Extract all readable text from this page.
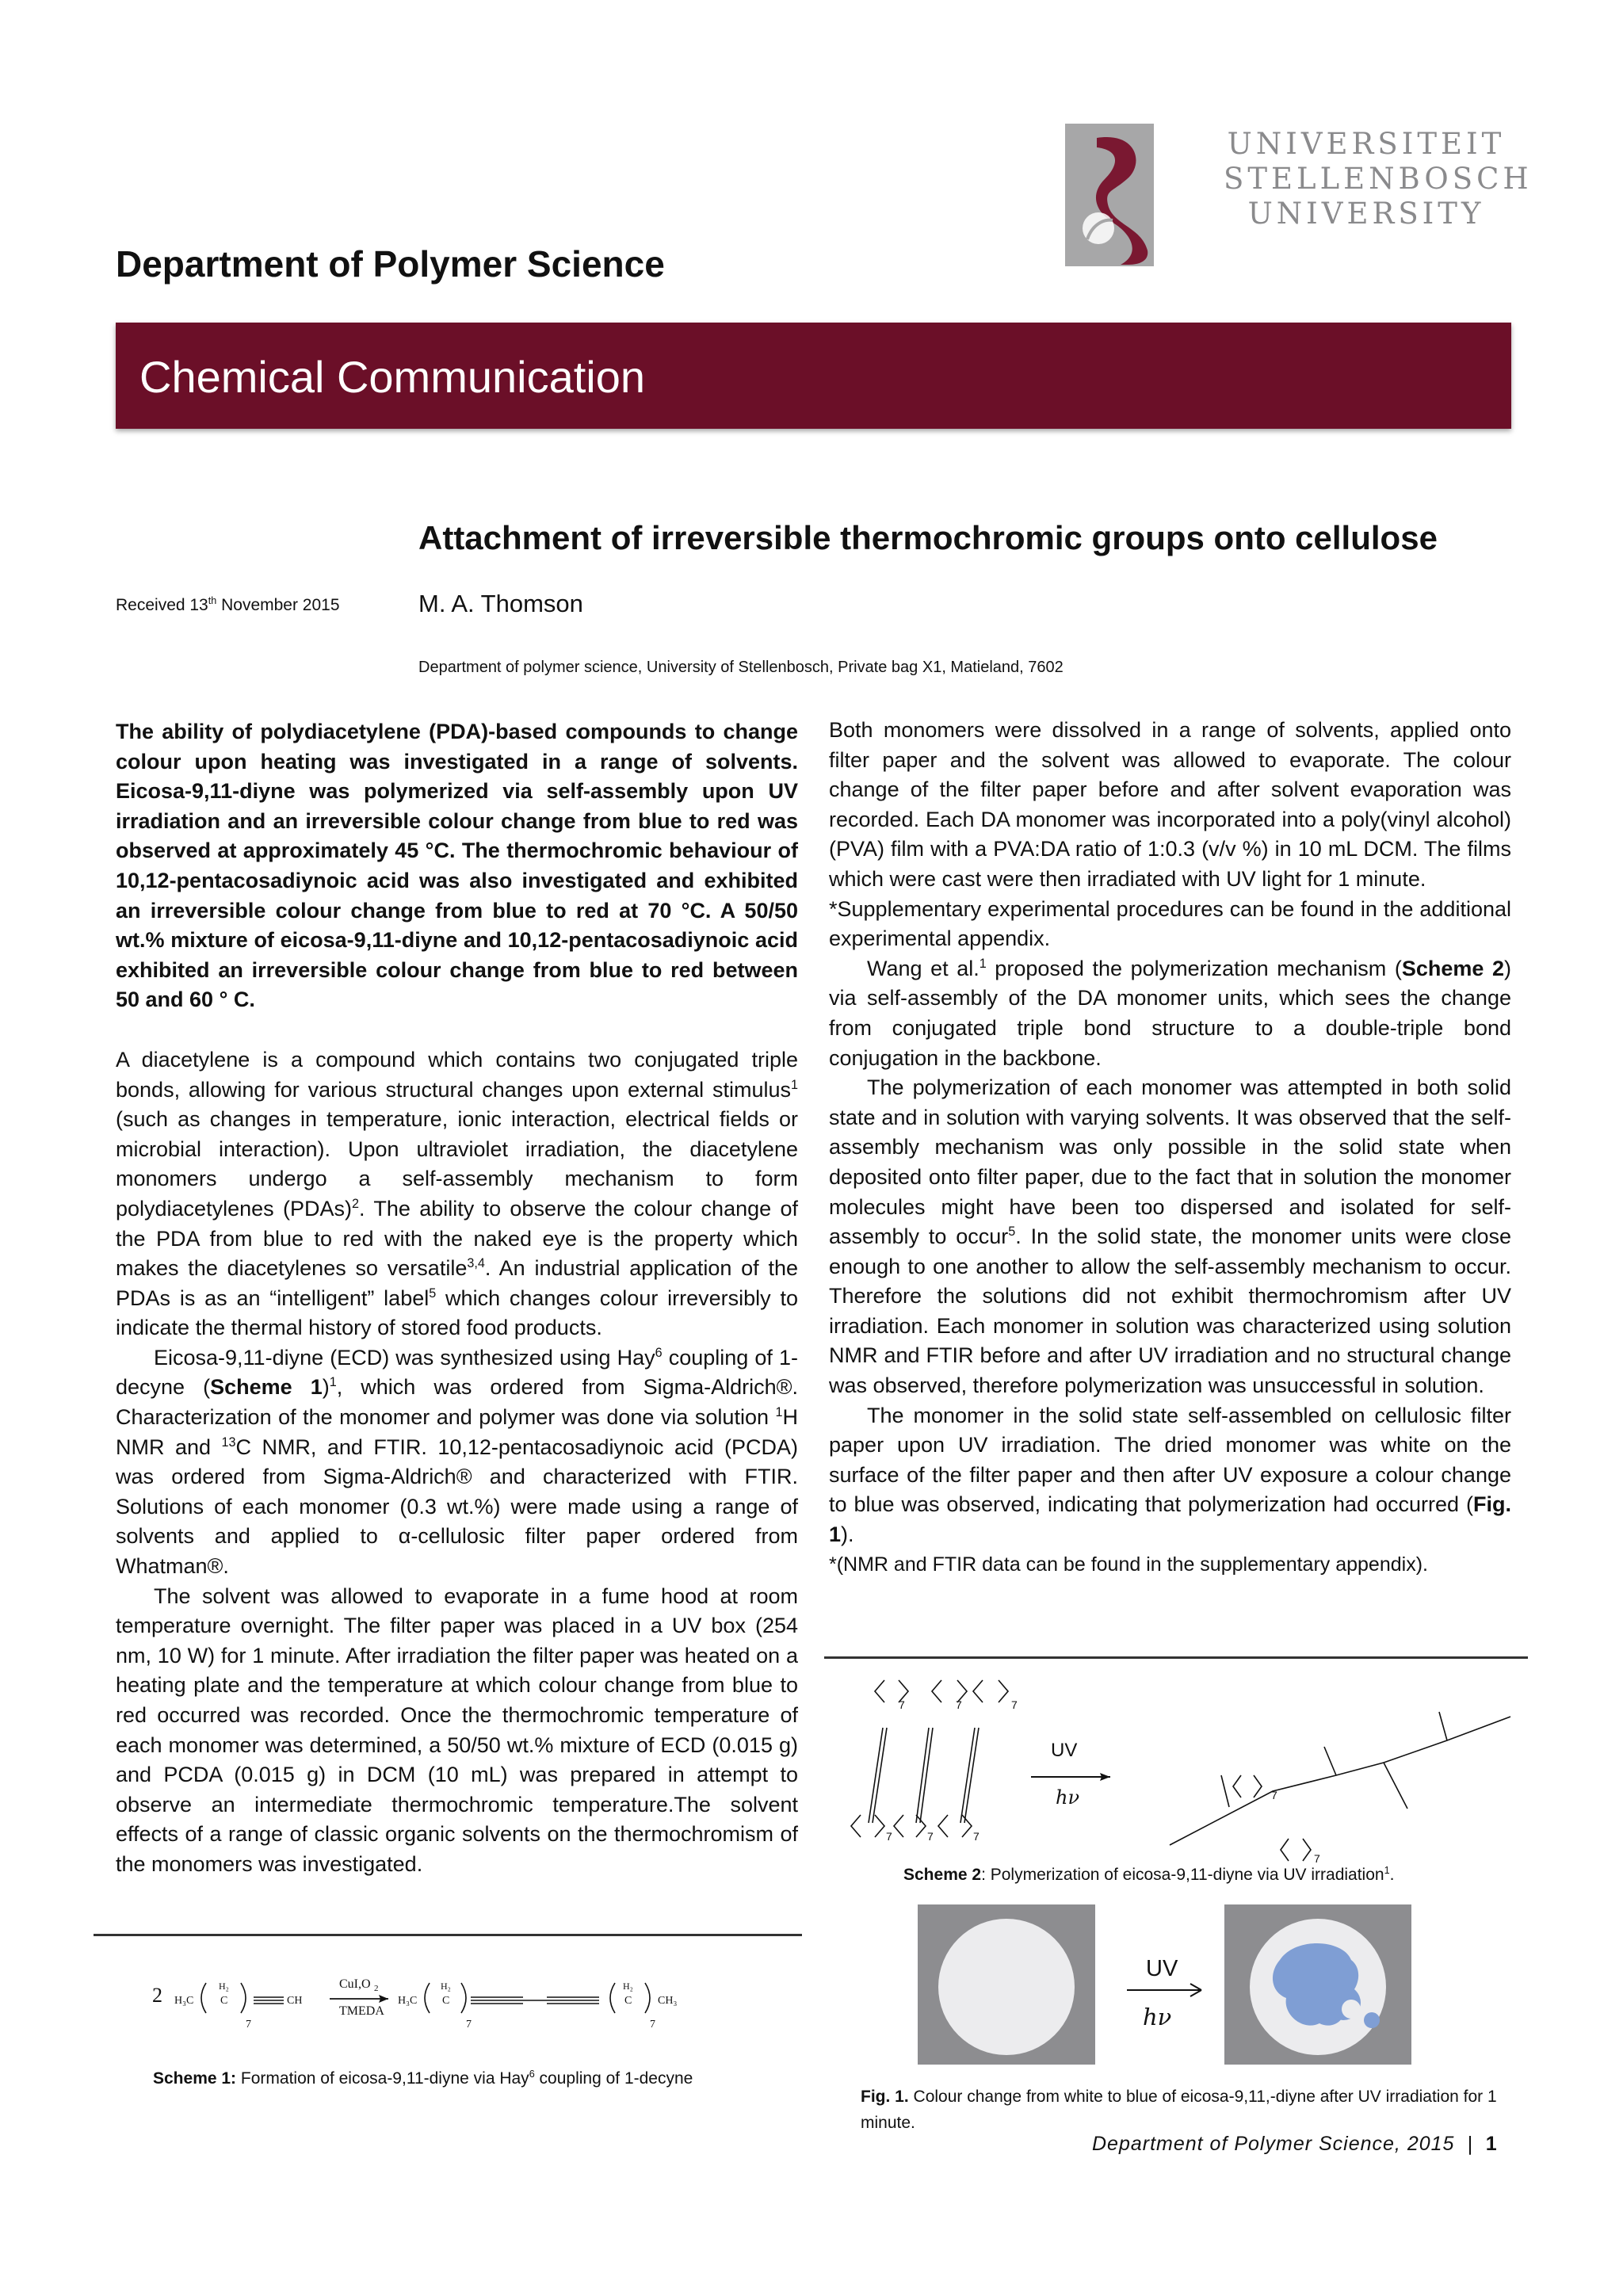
UNIVERSITEIT
STELLENBOSCH
UNIVERSITY
Department of Polymer Science
Chemical Communication
Attachment of irreversible thermochromic groups onto cellulose
Received 13th November 2015	M. A. Thomson
Department of polymer science, University of Stellenbosch, Private bag X1, Matieland, 7602

The ability of polydiacetylene (PDA)-based compounds to change colour upon heating was investigated in a range of solvents. Eicosa-9,11-diyne was polymerized via self-assembly upon UV irradiation and an irreversible colour change from blue to red was observed at approximately 45 °C. The thermochromic behaviour of 10,12-pentacosadiynoic acid was also investigated and exhibited an irreversible colour change from blue to red at 70 °C. A 50/50 wt.% mixture of eicosa-9,11-diyne and 10,12-pentacosadiynoic acid exhibited an irreversible colour change from blue to red between 50 and 60 ° C.

A diacetylene is a compound which contains two conjugated triple bonds, allowing for various structural changes upon external stimulus$^1$ (such as changes in temperature, ionic interaction, electrical fields or microbial interaction). Upon ultraviolet irradiation, the diacetylene monomers undergo a self-assembly mechanism to form polydiacetylenes (PDAs)$^2$. The ability to observe the colour change of the PDA from blue to red with the naked eye is the property which makes the diacetylenes so versatile$^{3,4}$. An industrial application of the PDAs is as an “intelligent” label$^5$ which changes colour irreversibly to indicate the thermal history of stored food products.

Eicosa-9,11-diyne (ECD) was synthesized using Hay$^6$ coupling of 1-decyne (Scheme 1)$^1$, which was ordered from Sigma-Aldrich®. Characterization of the monomer and polymer was done via solution $^1$H NMR and $^{13}$C NMR, and FTIR. 10,12-pentacosadiynoic acid (PCDA) was ordered from Sigma-Aldrich® and characterized with FTIR. Solutions of each monomer (0.3 wt.%) were made using a range of solvents and applied to α-cellulosic filter paper ordered from Whatman®.

The solvent was allowed to evaporate in a fume hood at room temperature overnight. The filter paper was placed in a UV box (254 nm, 10 W) for 1 minute. After irradiation the filter paper was heated on a heating plate and the temperature at which colour change from blue to red occurred was recorded. Once the thermochromic temperature of each monomer was determined, a 50/50 wt.% mixture of ECD (0.015 g) and PCDA (0.015 g) in DCM (10 mL) was prepared in attempt to observe an intermediate thermochromic temperature.The solvent effects of a range of classic organic solvents on the thermochromism of the monomers was investigated.

2 H₃C
H₂
C
7
CH
CuI,O 2
TMEDA
H₃C
H₂
C
7
H₂
C
7
CH₃
Scheme 1: Formation of eicosa-9,11-diyne via Hay$^6$ coupling of 1-decyne

Both monomers were dissolved in a range of solvents, applied onto filter paper and the solvent was allowed to evaporate. The colour change of the filter paper before and after solvent evaporation was recorded. Each DA monomer was incorporated into a poly(vinyl alcohol) (PVA) film with a PVA:DA ratio of 1:0.3 (v/v %) in 10 mL DCM. The films which were cast were then irradiated with UV light for 1 minute.

*Supplementary experimental procedures can be found in the additional experimental appendix.

Wang et al.$^1$ proposed the polymerization mechanism (Scheme 2) via self-assembly of the DA monomer units, which sees the change from conjugated triple bond structure to a double-triple bond conjugation in the backbone.

The polymerization of each monomer was attempted in both solid state and in solution with varying solvents. It was observed that the self-assembly mechanism was only possible in the solid state when deposited onto filter paper, due to the fact that in solution the monomer molecules might have been too dispersed and isolated for self-assembly to occur$^5$. In the solid state, the monomer units were close enough to one another to allow the self-assembly mechanism to occur. Therefore the solutions did not exhibit thermochromism after UV irradiation. Each monomer in solution was characterized using solution NMR and FTIR before and after UV irradiation and no structural change was observed, therefore polymerization was unsuccessful in solution.

The monomer in the solid state self-assembled on cellulosic filter paper upon UV irradiation. The dried monomer was white on the surface of the filter paper and then after UV exposure a colour change to blue was observed, indicating that polymerization had occurred (Fig. 1).

*(NMR and FTIR data can be found in the supplementary appendix).

7	7	7
7	7	7
7
7
UV
hν
Scheme 2: Polymerization of eicosa-9,11-diyne via UV irradiation$^1$.
UV
hν
Fig. 1. Colour change from white to blue of eicosa-9,11,-diyne after UV irradiation for 1 minute.
Department of Polymer Science, 2015 | 1
